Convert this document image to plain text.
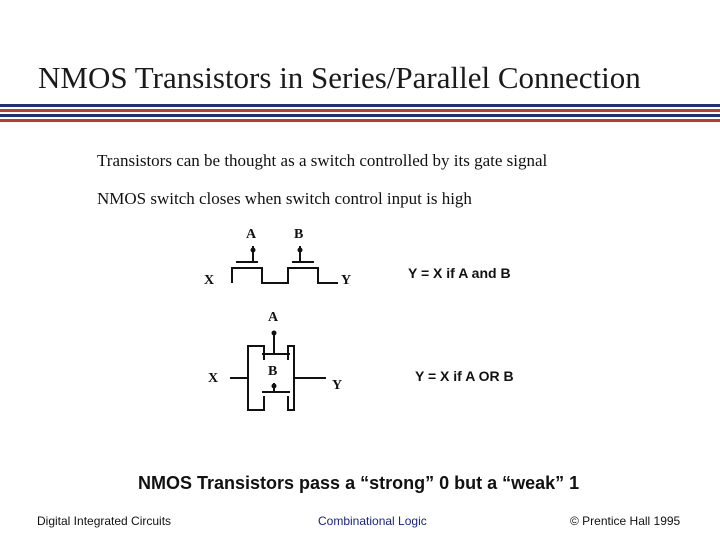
NMOS Transistors in Series/Parallel Connection
Transistors can be thought as a switch controlled by its gate signal
NMOS switch closes when switch control input is high
A	B
X	Y
A
B
X	Y
Y = X if A and B
Y = X if A OR B
NMOS Transistors pass a “strong” 0 but a “weak” 1
Digital Integrated Circuits	Combinational Logic	© Prentice Hall 1995
